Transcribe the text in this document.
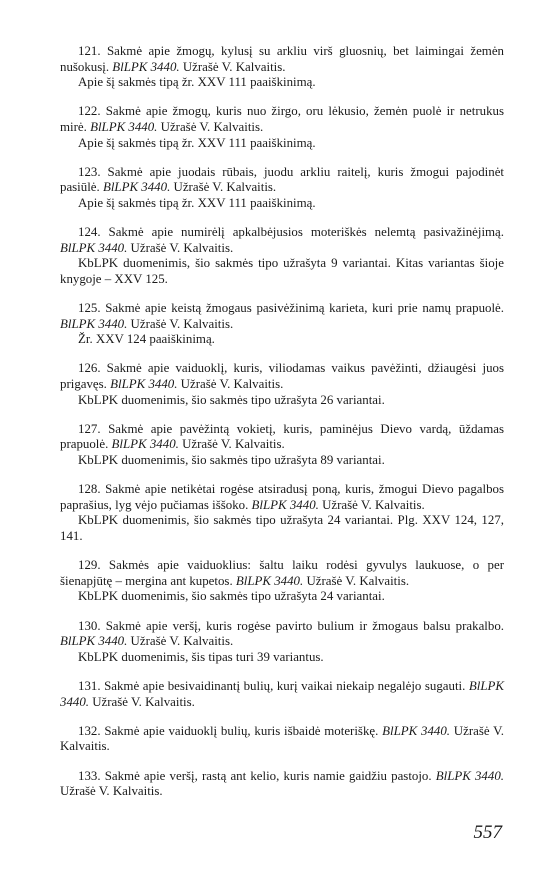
121. Sakmė apie žmogų, kylusį su arkliu virš gluosnių, bet laimingai žemėn nušokusį. BlLPK 3440. Užrašė V. Kalvaitis.
Apie šį sakmės tipą žr. XXV 111 paaiškinimą.
122. Sakmė apie žmogų, kuris nuo žirgo, oru lėkusio, žemėn puolė ir netrukus mirė. BlLPK 3440. Užrašė V. Kalvaitis.
Apie šį sakmės tipą žr. XXV 111 paaiškinimą.
123. Sakmė apie juodais rūbais, juodu arkliu raitelį, kuris žmogui pajodinėt pasiūlė. BlLPK 3440. Užrašė V. Kalvaitis.
Apie šį sakmės tipą žr. XXV 111 paaiškinimą.
124. Sakmė apie numirėlį apkalbėjusios moteriškės nelemtą pasivažinėjimą. BlLPK 3440. Užrašė V. Kalvaitis.
KbLPK duomenimis, šio sakmės tipo užrašyta 9 variantai. Kitas variantas šioje knygoje – XXV 125.
125. Sakmė apie keistą žmogaus pasivėžinimą karieta, kuri prie namų prapuolė. BlLPK 3440. Užrašė V. Kalvaitis.
Žr. XXV 124 paaiškinimą.
126. Sakmė apie vaiduoklį, kuris, viliodamas vaikus pavėžinti, džiaugėsi juos prigavęs. BlLPK 3440. Užrašė V. Kalvaitis.
KbLPK duomenimis, šio sakmės tipo užrašyta 26 variantai.
127. Sakmė apie pavėžintą vokietį, kuris, paminėjus Dievo vardą, ūždamas prapuolė. BlLPK 3440. Užrašė V. Kalvaitis.
KbLPK duomenimis, šio sakmės tipo užrašyta 89 variantai.
128. Sakmė apie netikėtai rogėse atsiradusį poną, kuris, žmogui Dievo pagalbos paprašius, lyg vėjo pučiamas iššoko. BlLPK 3440. Užrašė V. Kalvaitis.
KbLPK duomenimis, šio sakmės tipo užrašyta 24 variantai. Plg. XXV 124, 127, 141.
129. Sakmės apie vaiduoklius: šaltu laiku rodėsi gyvulys laukuose, o per šienapjūtę – mergina ant kupetos. BlLPK 3440. Užrašė V. Kalvaitis.
KbLPK duomenimis, šio sakmės tipo užrašyta 24 variantai.
130. Sakmė apie veršį, kuris rogėse pavirto bulium ir žmogaus balsu prakalbo. BlLPK 3440. Užrašė V. Kalvaitis.
KbLPK duomenimis, šis tipas turi 39 variantus.
131. Sakmė apie besivaidinantį bulių, kurį vaikai niekaip negalėjo sugauti. BlLPK 3440. Užrašė V. Kalvaitis.
132. Sakmė apie vaiduoklį bulių, kuris išbaidė moteriškę. BlLPK 3440. Užrašė V. Kalvaitis.
133. Sakmė apie veršį, rastą ant kelio, kuris namie gaidžiu pastojo. BlLPK 3440. Užrašė V. Kalvaitis.
557
